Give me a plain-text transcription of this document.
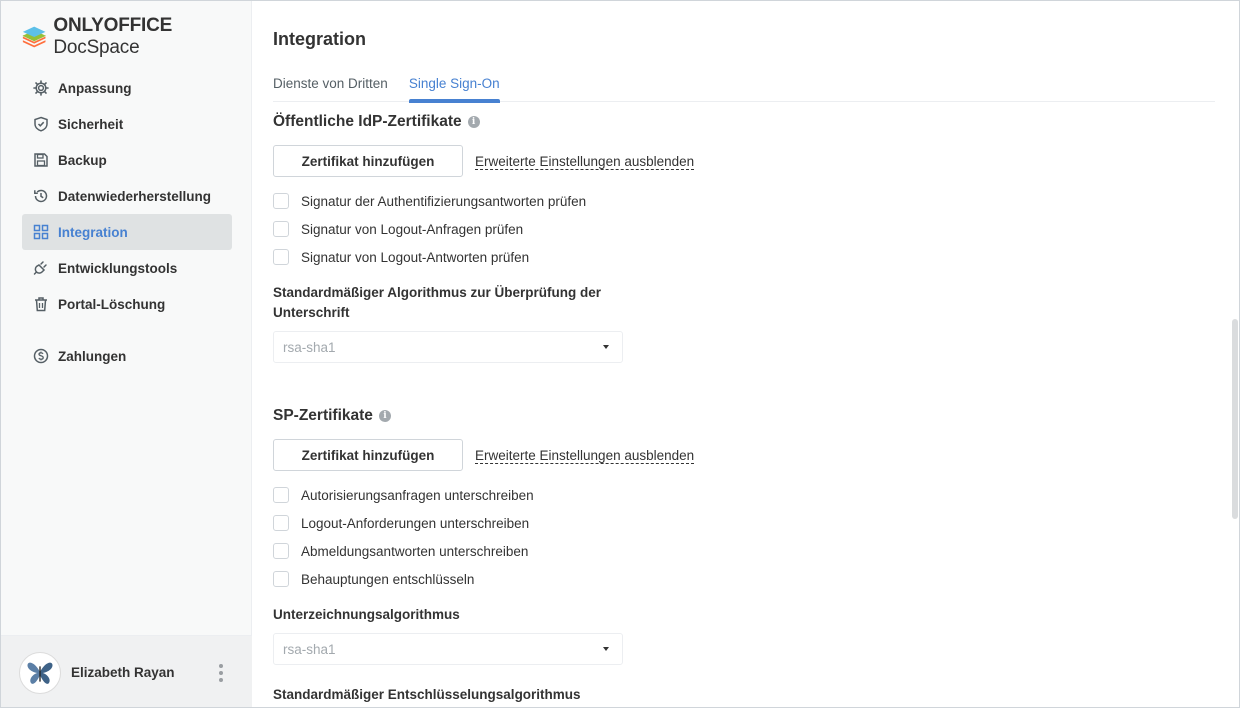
ONLYOFFICE DocSpace
Anpassung
Sicherheit
Backup
Datenwiederherstellung
Integration
Entwicklungstools
Portal-Löschung
Zahlungen
Elizabeth Rayan
Integration
Dienste von Dritten Single Sign-On
Öffentliche IdP-Zertifikate	i
Zertifikat hinzufügen	Erweiterte Einstellungen ausblenden
Signatur der Authentifizierungsantworten prüfen
Signatur von Logout-Anfragen prüfen
Signatur von Logout-Antworten prüfen
Standardmäßiger Algorithmus zur Überprüfung der Unterschrift
rsa-sha1
SP-Zertifikate	i
Zertifikat hinzufügen	Erweiterte Einstellungen ausblenden
Autorisierungsanfragen unterschreiben
Logout-Anforderungen unterschreiben
Abmeldungsantworten unterschreiben
Behauptungen entschlüsseln
Unterzeichnungsalgorithmus
rsa-sha1
Standardmäßiger Entschlüsselungsalgorithmus
